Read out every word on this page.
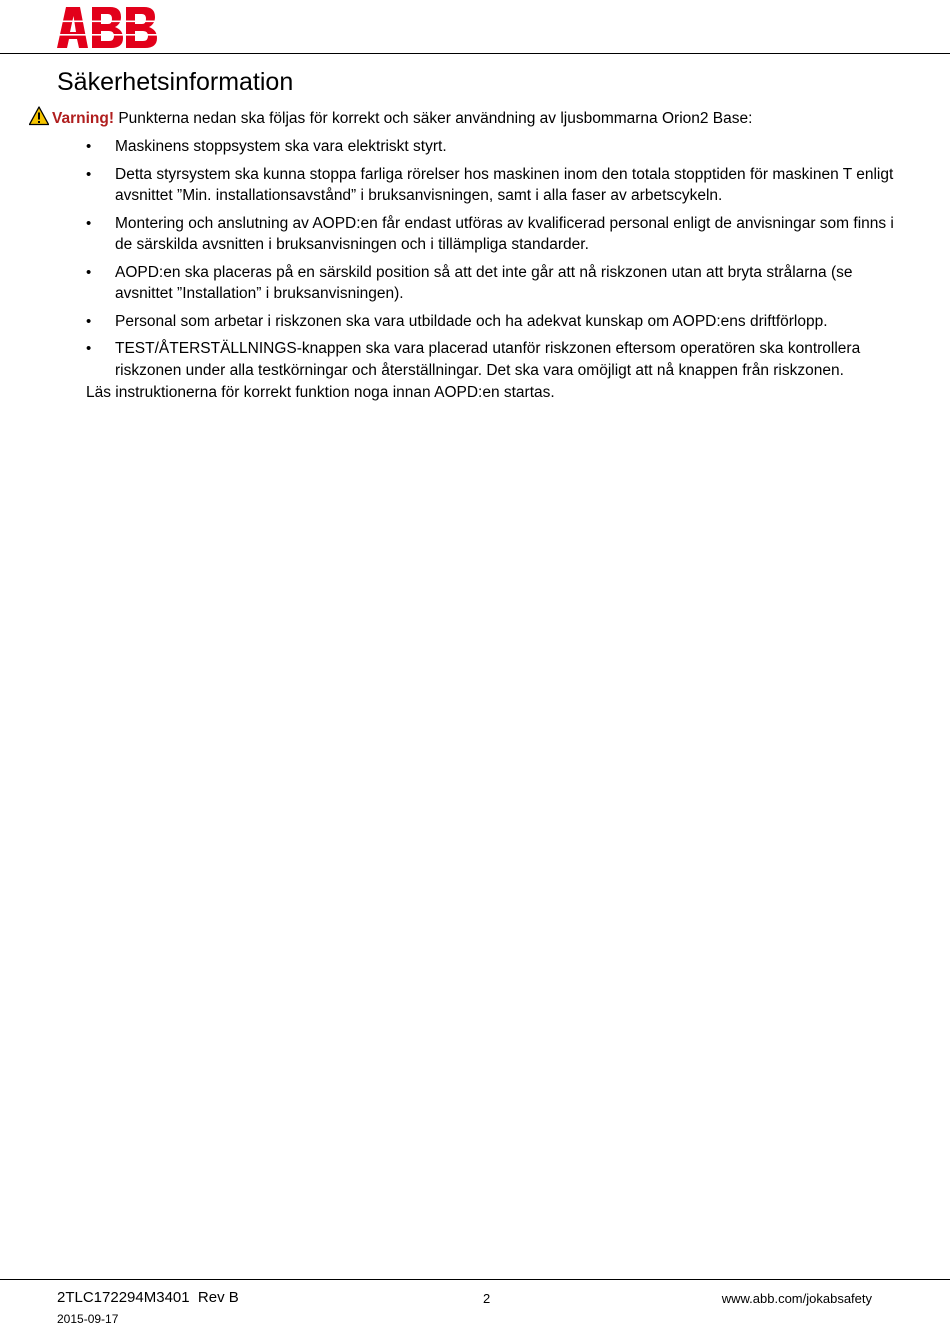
Säkerhetsinformation
Varning! Punkterna nedan ska följas för korrekt och säker användning av ljusbommarna Orion2 Base:
• Maskinens stoppsystem ska vara elektriskt styrt.
• Detta styrsystem ska kunna stoppa farliga rörelser hos maskinen inom den totala stopptiden för maskinen T enligt avsnittet ”Min. installationsavstånd” i bruksanvisningen, samt i alla faser av arbetscykeln.
• Montering och anslutning av AOPD:en får endast utföras av kvalificerad personal enligt de anvisningar som finns i de särskilda avsnitten i bruksanvisningen och i tillämpliga standarder.
• AOPD:en ska placeras på en särskild position så att det inte går att nå riskzonen utan att bryta strålarna (se avsnittet ”Installation” i bruksanvisningen).
• Personal som arbetar i riskzonen ska vara utbildade och ha adekvat kunskap om AOPD:ens driftförlopp.
• TEST/ÅTERSTÄLLNINGS-knappen ska vara placerad utanför riskzonen eftersom operatören ska kontrollera riskzonen under alla testkörningar och återställningar. Det ska vara omöjligt att nå knappen från riskzonen.
Läs instruktionerna för korrekt funktion noga innan AOPD:en startas.
2TLC172294M3401  Rev B	2	www.abb.com/jokabsafety
2015-09-17
